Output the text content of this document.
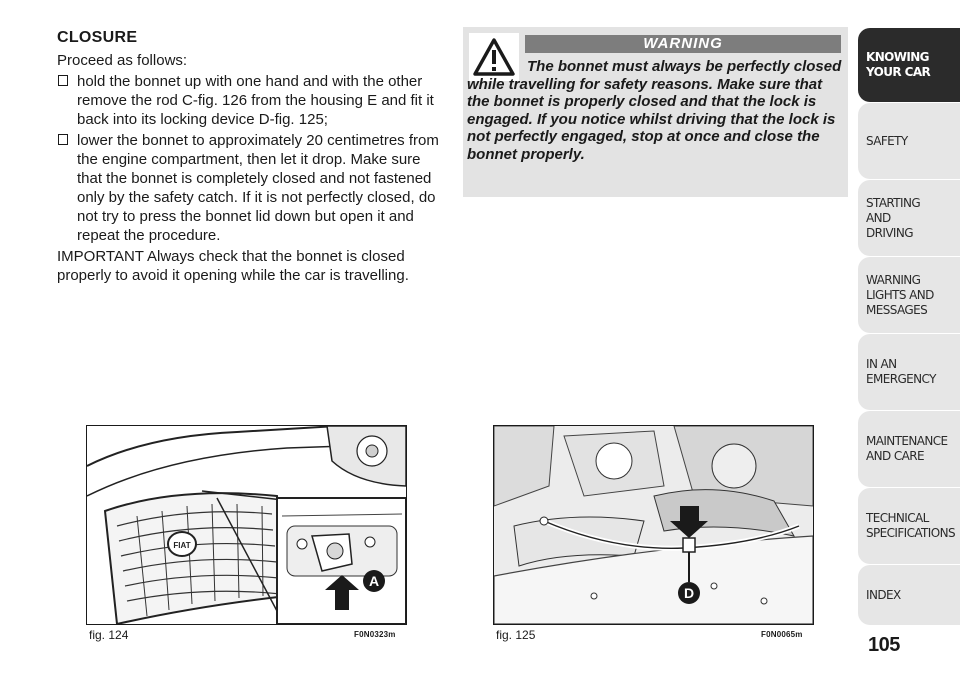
CLOSURE

Proceed as follows:

hold the bonnet up with one hand and with the other remove the rod C-fig. 126 from the housing E and fit it back into its locking device D-fig. 125;
lower the bonnet to approximately 20 centimetres from the engine compartment, then let it drop. Make sure that the bonnet is completely closed and not fastened only by the safety catch. If it is not perfectly closed, do not try to press the bonnet lid down but open it and repeat the procedure.

IMPORTANT Always check that the bonnet is closed properly to avoid it opening while the car is travelling.

WARNING
The bonnet must always be perfectly closed while travelling for safety reasons. Make sure that the bonnet is properly closed and that the lock is engaged. If you notice whilst driving that the lock is not perfectly engaged, stop at once and close the bonnet properly.
KNOWING
YOUR CAR
SAFETY
STARTING
AND
DRIVING
WARNING
LIGHTS AND
MESSAGES
IN AN
EMERGENCY
MAINTENANCE
AND CARE
TECHNICAL
SPECIFICATIONS
INDEX
FIAT
A
fig. 124	F0N0323m
D
fig. 125	F0N0065m	105
